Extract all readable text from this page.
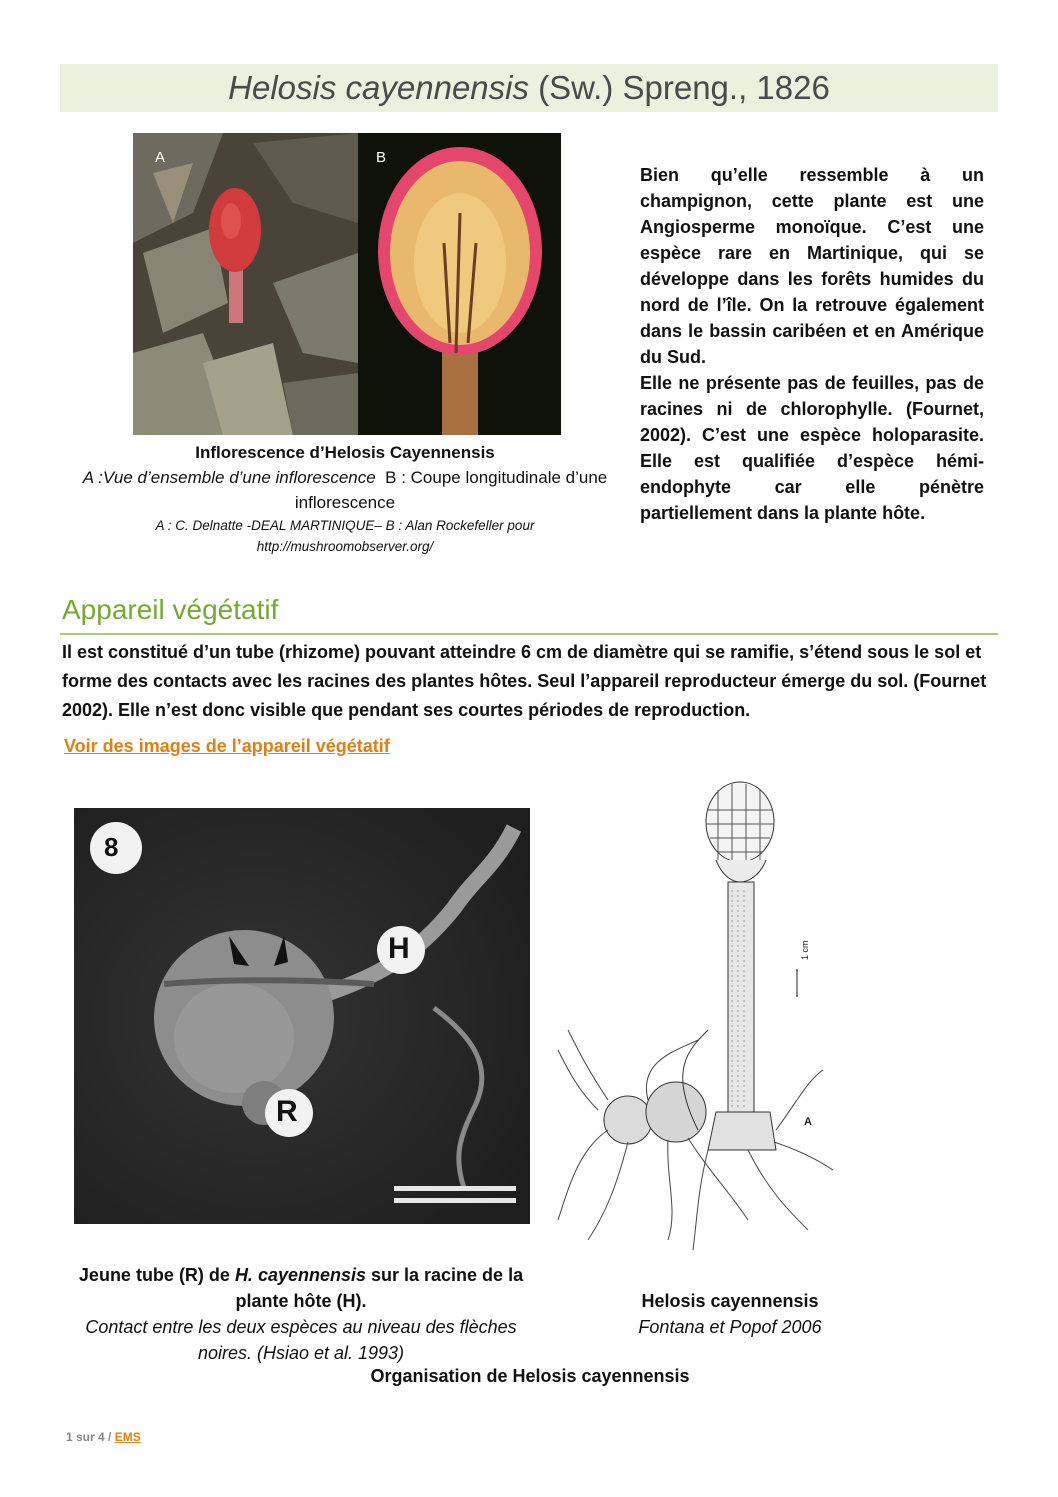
Helosis cayennensis (Sw.) Spreng., 1826
A	B
Inflorescence d’Helosis Cayennensis
A :Vue d’ensemble d’une inflorescence B : Coupe longitudinale d’une inflorescence
A : C. Delnatte -DEAL MARTINIQUE– B : Alan Rockefeller pour
http://mushroomobserver.org/

Bien qu’elle ressemble à un champignon, cette plante est une Angiosperme monoïque. C’est une espèce rare en Martinique, qui se développe dans les forêts humides du nord de l’île. On la retrouve également dans le bassin caribéen et en Amérique du Sud.

Elle ne présente pas de feuilles, pas de racines ni de chlorophylle. (Fournet, 2002). C’est une espèce holoparasite. Elle est qualifiée d’espèce hémi-endophyte car elle pénètre partiellement dans la plante hôte.

Appareil végétatif

Il est constitué d’un tube (rhizome) pouvant atteindre 6 cm de diamètre qui se ramifie, s’étend sous le sol et forme des contacts avec les racines des plantes hôtes. Seul l’appareil reproducteur émerge du sol. (Fournet 2002). Elle n’est donc visible que pendant ses courtes périodes de reproduction.

Voir des images de l’appareil végétatif
8
H
R
1 cm
A
Jeune tube (R) de H. cayennensis sur la racine de la plante hôte (H).
Contact entre les deux espèces au niveau des flèches noires. (Hsiao et al. 1993)
Helosis cayennensis
Fontana et Popof 2006
Organisation de Helosis cayennensis
1 sur 4 / EMS
